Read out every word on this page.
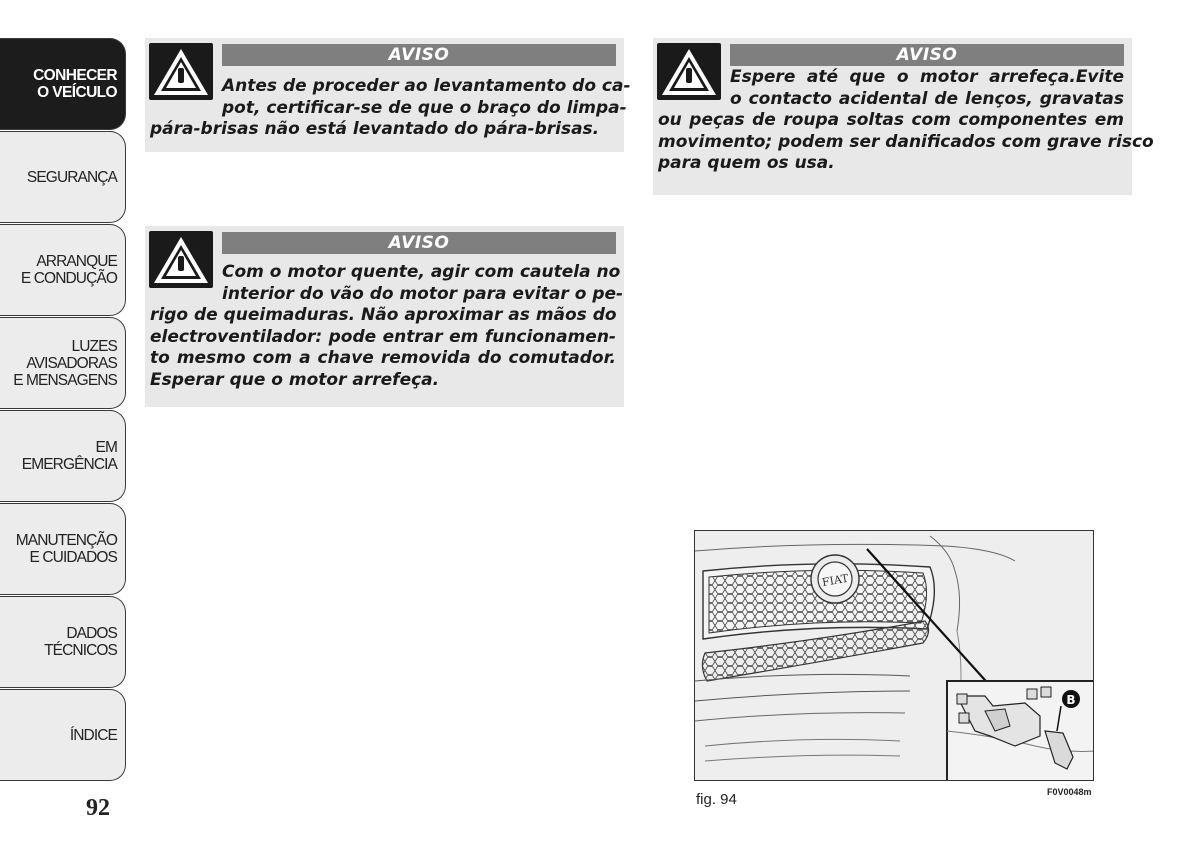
CONHECER
O VEÍCULO
SEGURANÇA
ARRANQUE
E CONDUÇÃO
LUZES AVISADORAS
E MENSAGENS
EM EMERGÊNCIA
MANUTENÇÃO
E CUIDADOS
DADOS TÉCNICOS
ÍNDICE
92
AVISO
Antes de proceder ao levantamento do ca-
pot, certificar-se de que o braço do limpa-
pára-brisas não está levantado do pára-brisas.
AVISO
Com o motor quente, agir com cautela no
interior do vão do motor para evitar o pe-
rigo de queimaduras. Não aproximar as mãos do
electroventilador: pode entrar em funcionamen-
to mesmo com a chave removida do comutador.
Esperar que o motor arrefeça.
AVISO
Espere até que o motor arrefeça.Evite
o contacto acidental de lenços, gravatas
ou peças de roupa soltas com componentes em
movimento; podem ser danificados com grave risco
para quem os usa.
FIAT
B
fig. 94	F0V0048m
